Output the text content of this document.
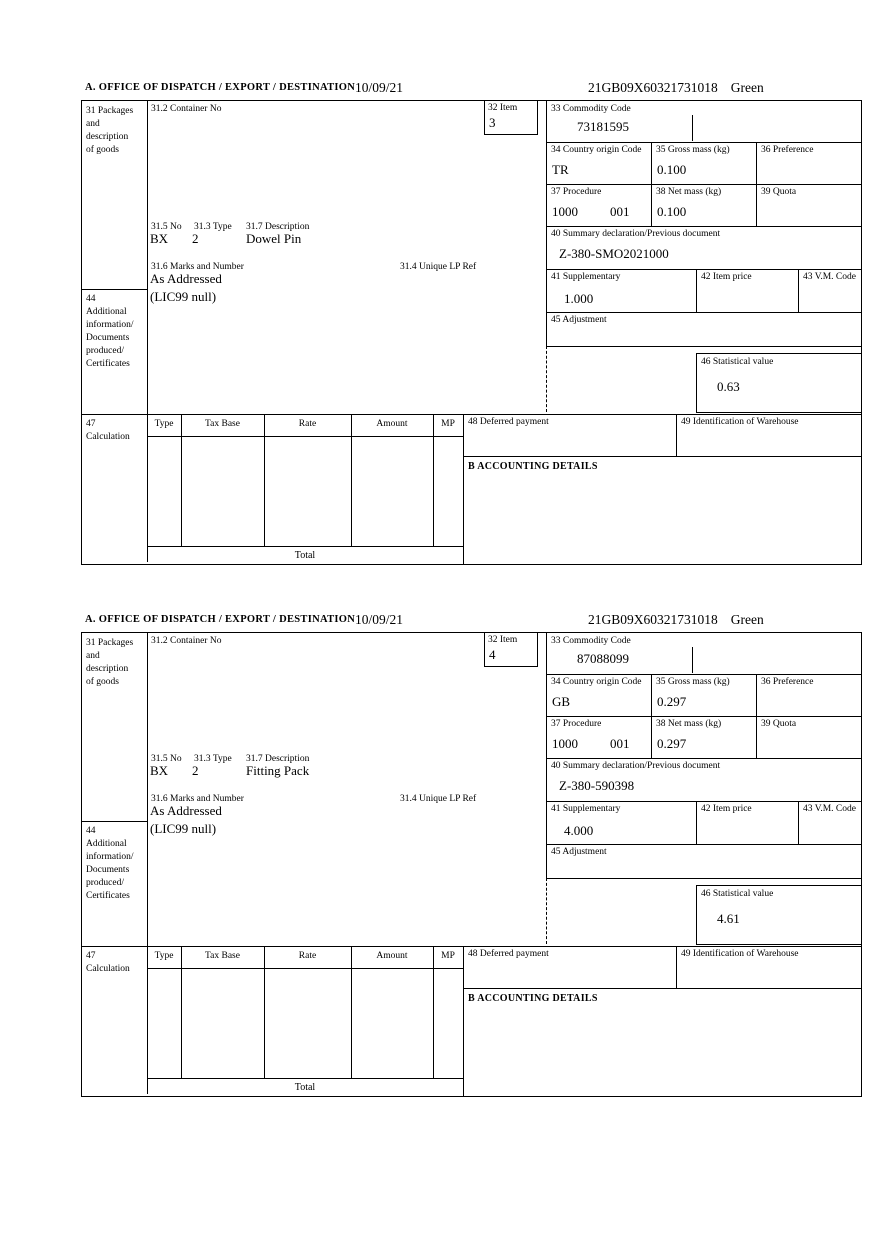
A. OFFICE OF DISPATCH / EXPORT / DESTINATION 10/09/21	21GB09X60321731018 Green
31 Packages
and
description
of goods
44
Additional
information/
Documents
produced/
Certificates
47
Calculation
31.2 Container No
31.5 No 31.3 Type 31.7 Description
BX 2	Dowel Pin
31.6 Marks and Number	31.4 Unique LP Ref
As Addressed
(LIC99 null)
32 Item
3
33 Commodity Code
73181595
34 Country origin Code
TR
35 Gross mass (kg)
0.100
36 Preference
37 Procedure
1000 001
38 Net mass (kg)
0.100
39 Quota
40 Summary declaration/Previous document
Z-380-SMO2021000
41 Supplementary
1.000
42 Item price	43 V.M. Code
45 Adjustment
46 Statistical value
0.63
Type	Tax Base	Rate	Amount	MP
Total
48 Deferred payment	49 Identification of Warehouse
B ACCOUNTING DETAILS
A. OFFICE OF DISPATCH / EXPORT / DESTINATION 10/09/21	21GB09X60321731018 Green
31 Packages
and
description
of goods
44
Additional
information/
Documents
produced/
Certificates
47
Calculation
31.2 Container No
31.5 No 31.3 Type 31.7 Description
BX 2	Fitting Pack
31.6 Marks and Number	31.4 Unique LP Ref
As Addressed
(LIC99 null)
32 Item
4
33 Commodity Code
87088099
34 Country origin Code
GB
35 Gross mass (kg)
0.297
36 Preference
37 Procedure
1000 001
38 Net mass (kg)
0.297
39 Quota
40 Summary declaration/Previous document
Z-380-590398
41 Supplementary
4.000
42 Item price	43 V.M. Code
45 Adjustment
46 Statistical value
4.61
Type	Tax Base	Rate	Amount	MP
Total
48 Deferred payment	49 Identification of Warehouse
B ACCOUNTING DETAILS
